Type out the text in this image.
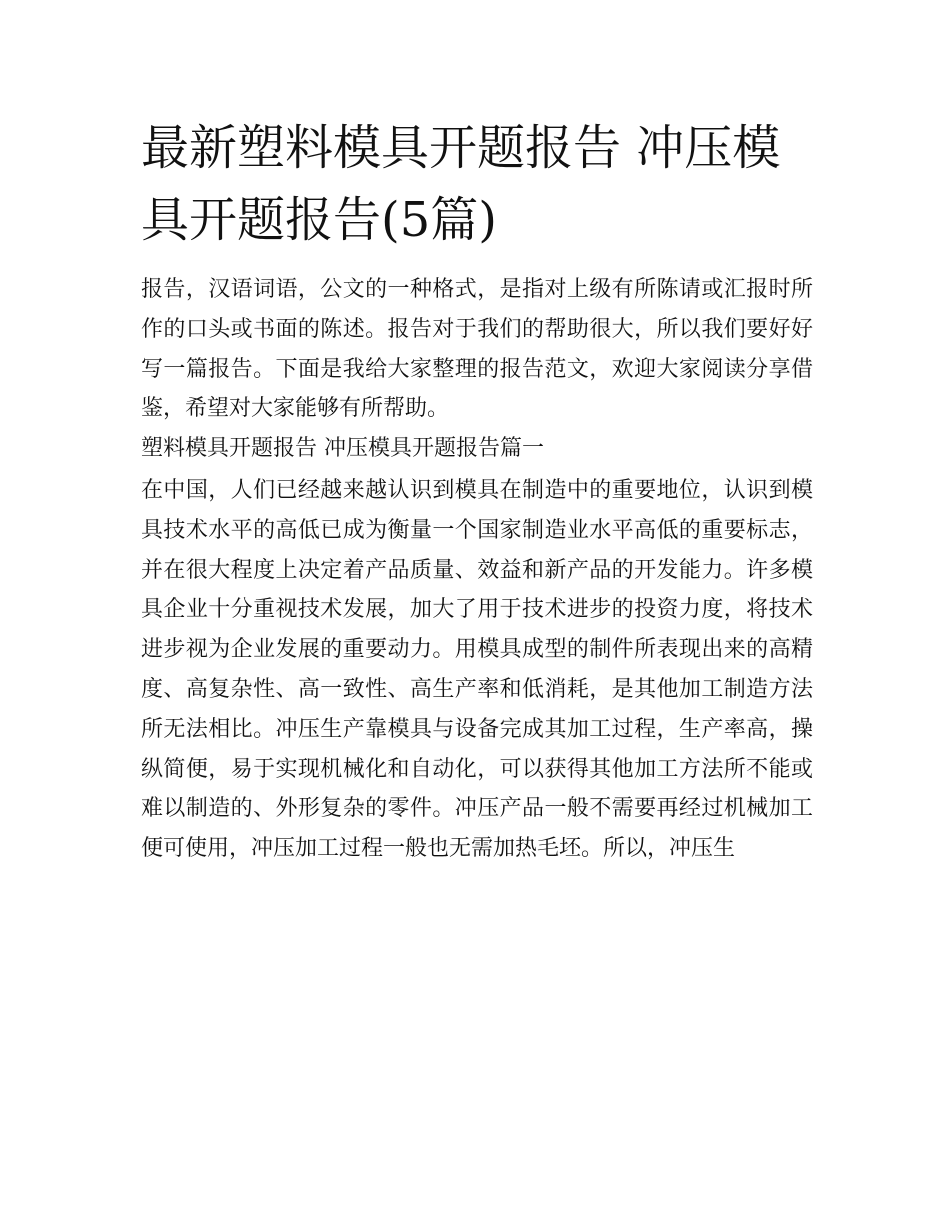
最新塑料模具开题报告 冲压模具开题报告(5篇)

报告，汉语词语，公文的一种格式，是指对上级有所陈请或汇报时所作的口头或书面的陈述。报告对于我们的帮助很大，所以我们要好好写一篇报告。下面是我给大家整理的报告范文，欢迎大家阅读分享借鉴，希望对大家能够有所帮助。

塑料模具开题报告 冲压模具开题报告篇一

在中国，人们已经越来越认识到模具在制造中的重要地位，认识到模具技术水平的高低已成为衡量一个国家制造业水平高低的重要标志，并在很大程度上决定着产品质量、效益和新产品的开发能力。许多模具企业十分重视技术发展，加大了用于技术进步的投资力度，将技术进步视为企业发展的重要动力。用模具成型的制件所表现出来的高精度、高复杂性、高一致性、高生产率和低消耗，是其他加工制造方法所无法相比。冲压生产靠模具与设备完成其加工过程，生产率高，操纵简便，易于实现机械化和自动化，可以获得其他加工方法所不能或难以制造的、外形复杂的零件。冲压产品一般不需要再经过机械加工便可使用，冲压加工过程一般也无需加热毛坯。所以，冲压生
